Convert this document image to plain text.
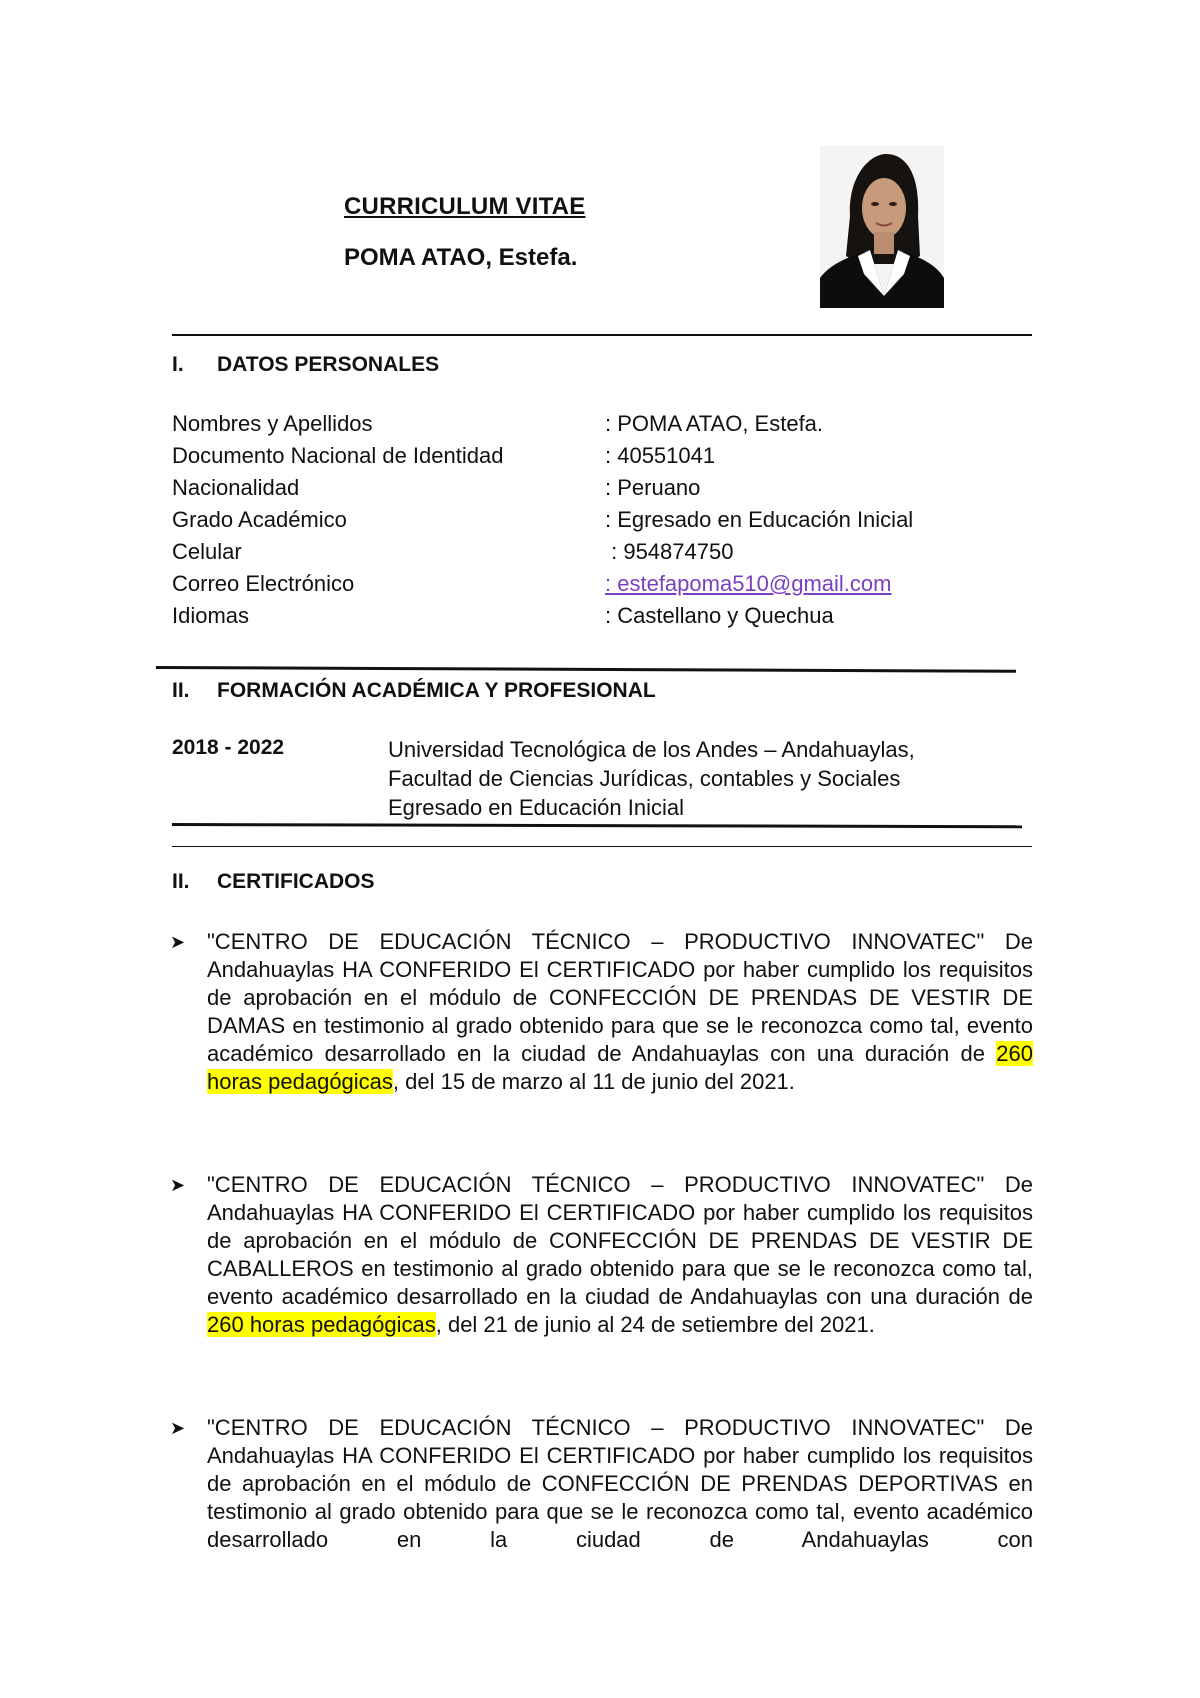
CURRICULUM VITAE
POMA ATAO, Estefa.
I. DATOS PERSONALES
Nombres y Apellidos	: POMA ATAO, Estefa.
Documento Nacional de Identidad	: 40551041
Nacionalidad	: Peruano
Grado Académico	: Egresado en Educación Inicial
Celular	: 954874750
Correo Electrónico	: estefapoma510@gmail.com
Idiomas	: Castellano y Quechua
II. FORMACIÓN ACADÉMICA Y PROFESIONAL
2018 - 2022	Universidad Tecnológica de los Andes – Andahuaylas,
Facultad de Ciencias Jurídicas, contables y Sociales
Egresado en Educación Inicial
II. CERTIFICADOS
➤ "CENTRO DE EDUCACIÓN TÉCNICO – PRODUCTIVO INNOVATEC" De Andahuaylas HA CONFERIDO El CERTIFICADO por haber cumplido los requisitos de aprobación en el módulo de CONFECCIÓN DE PRENDAS DE VESTIR DE DAMAS en testimonio al grado obtenido para que se le reconozca como tal, evento académico desarrollado en la ciudad de Andahuaylas con una duración de 260 horas pedagógicas, del 15 de marzo al 11 de junio del 2021.
➤ "CENTRO DE EDUCACIÓN TÉCNICO – PRODUCTIVO INNOVATEC" De Andahuaylas HA CONFERIDO El CERTIFICADO por haber cumplido los requisitos de aprobación en el módulo de CONFECCIÓN DE PRENDAS DE VESTIR DE CABALLEROS en testimonio al grado obtenido para que se le reconozca como tal, evento académico desarrollado en la ciudad de Andahuaylas con una duración de 260 horas pedagógicas, del 21 de junio al 24 de setiembre del 2021.
➤ "CENTRO DE EDUCACIÓN TÉCNICO – PRODUCTIVO INNOVATEC" De Andahuaylas HA CONFERIDO El CERTIFICADO por haber cumplido los requisitos de aprobación en el módulo de CONFECCIÓN DE PRENDAS DEPORTIVAS en testimonio al grado obtenido para que se le reconozca como tal, evento académico desarrollado en la ciudad de Andahuaylas con
